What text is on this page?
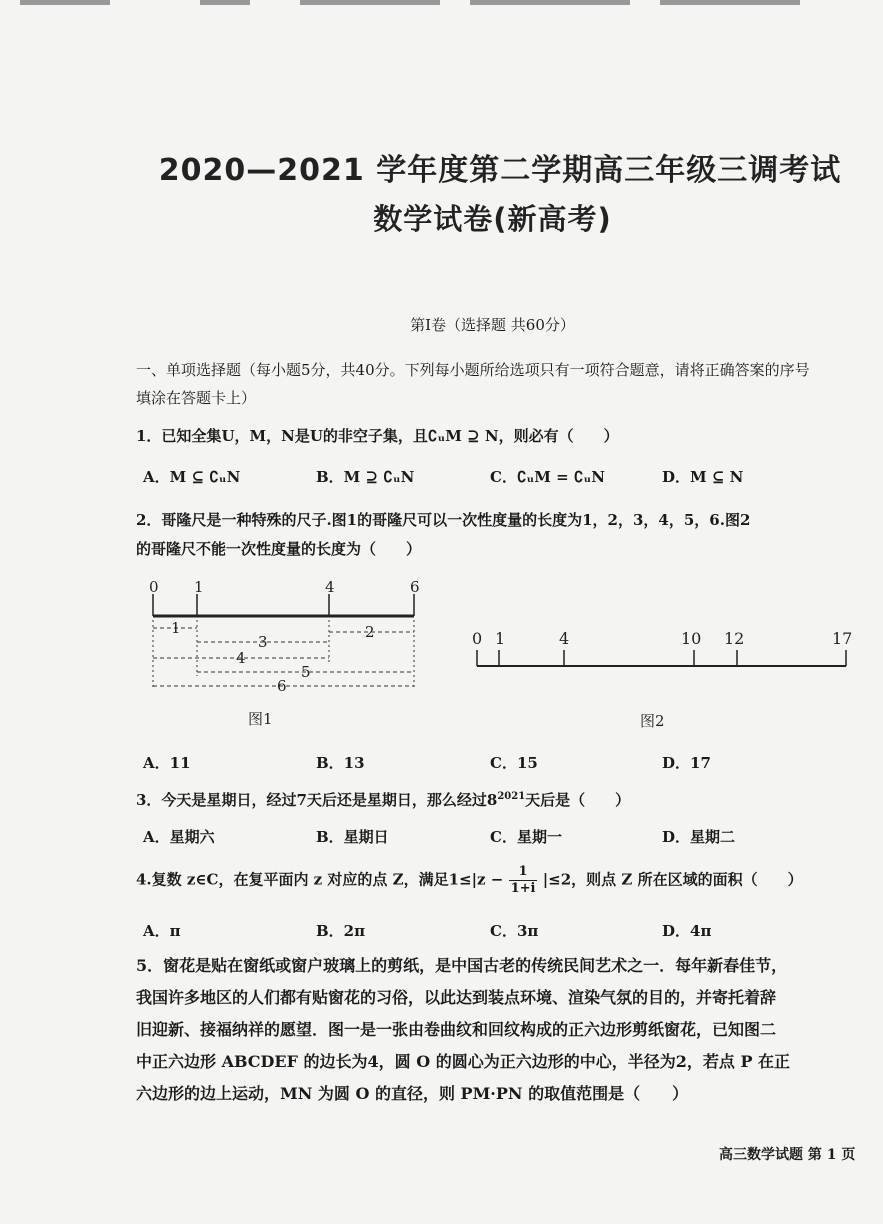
2020—2021 学年度第二学期高三年级三调考试
数学试卷(新高考)
第Ⅰ卷（选择题 共60分）
一、单项选择题（每小题5分，共40分。下列每小题所给选项只有一项符合题意，请将正确答案的序号
填涂在答题卡上）
1．已知全集U，M，N是U的非空子集，且∁ᵤM ⊇ N，则必有（　　）
A．M ⊆ ∁ᵤN	B．M ⊇ ∁ᵤN	C．∁ᵤM = ∁ᵤN	D．M ⊆ N
2．哥隆尺是一种特殊的尺子.图1的哥隆尺可以一次性度量的长度为1，2，3，4，5，6.图2
的哥隆尺不能一次性度量的长度为（　　）
0 1	4	6
1	2
3
4
5
6
图1
0 1	4	10 12	17
图2
A．11	B．13	C．15	D．17
3．今天是星期日，经过7天后还是星期日，那么经过$8^{2021}$天后是（　　）
A．星期六	B．星期日	C．星期一	D．星期二
4.复数 z∈C，在复平面内 z 对应的点 Z，满足$1\le|z - \frac{1}{1+i} |\le 2$，则点 Z 所在区域的面积（　　）
A．π	B．2π	C．3π	D．4π
5．窗花是贴在窗纸或窗户玻璃上的剪纸，是中国古老的传统民间艺术之一．每年新春佳节，
我国许多地区的人们都有贴窗花的习俗，以此达到装点环境、渲染气氛的目的，并寄托着辞
旧迎新、接福纳祥的愿望．图一是一张由卷曲纹和回纹构成的正六边形剪纸窗花，已知图二
中正六边形 ABCDEF 的边长为4，圆 O 的圆心为正六边形的中心，半径为2，若点 P 在正
六边形的边上运动，MN 为圆 O 的直径，则 PM·PN 的取值范围是（　　）
高三数学试题 第 1 页
